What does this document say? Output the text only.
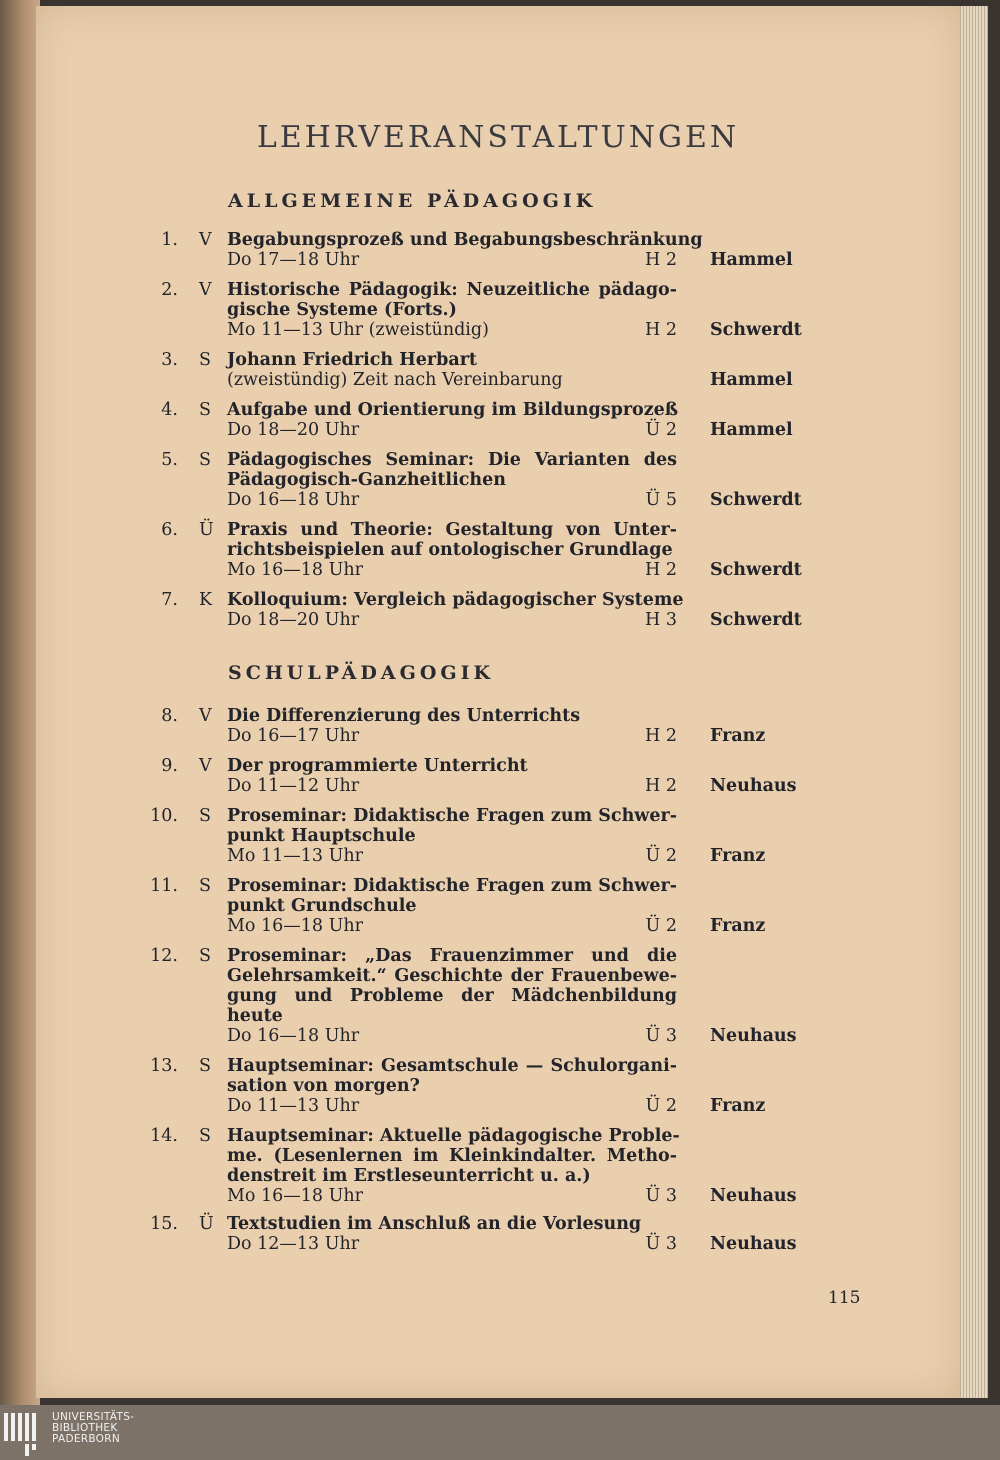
LEHRVERANSTALTUNGEN
ALLGEMEINE PÄDAGOGIK
1. V Begabungsprozeß und Begabungsbeschränkung
Do 17—18 Uhr	H 2 Hammel
2. V Historische Pädagogik: Neuzeitliche pädago-
gische Systeme (Forts.)
Mo 11—13 Uhr (zweistündig)	H 2 Schwerdt
3. S Johann Friedrich Herbart
(zweistündig) Zeit nach Vereinbarung	Hammel
4. S Aufgabe und Orientierung im Bildungsprozeß
Do 18—20 Uhr	Ü 2 Hammel
5. S Pädagogisches Seminar: Die Varianten des
Pädagogisch-Ganzheitlichen
Do 16—18 Uhr	Ü 5 Schwerdt
6. Ü Praxis und Theorie: Gestaltung von Unter-
richtsbeispielen auf ontologischer Grundlage
Mo 16—18 Uhr	H 2 Schwerdt
7. K Kolloquium: Vergleich pädagogischer Systeme
Do 18—20 Uhr	H 3 Schwerdt
SCHULPÄDAGOGIK
8. V Die Differenzierung des Unterrichts
Do 16—17 Uhr	H 2 Franz
9. V Der programmierte Unterricht
Do 11—12 Uhr	H 2 Neuhaus
10. S Proseminar: Didaktische Fragen zum Schwer-
punkt Hauptschule
Mo 11—13 Uhr	Ü 2 Franz
11. S Proseminar: Didaktische Fragen zum Schwer-
punkt Grundschule
Mo 16—18 Uhr	Ü 2 Franz
12. S Proseminar: „Das Frauenzimmer und die
Gelehrsamkeit.“ Geschichte der Frauenbewe-
gung und Probleme der Mädchenbildung
heute
Do 16—18 Uhr	Ü 3 Neuhaus
13. S Hauptseminar: Gesamtschule — Schulorgani-
sation von morgen?
Do 11—13 Uhr	Ü 2 Franz
14. S Hauptseminar: Aktuelle pädagogische Proble-
me. (Lesenlernen im Kleinkindalter. Metho-
denstreit im Erstleseunterricht u. a.)
Mo 16—18 Uhr	Ü 3 Neuhaus
15. Ü Textstudien im Anschluß an die Vorlesung
Do 12—13 Uhr	Ü 3 Neuhaus
115
UNIVERSITÄTS-
BIBLIOTHEK
PADERBORN
